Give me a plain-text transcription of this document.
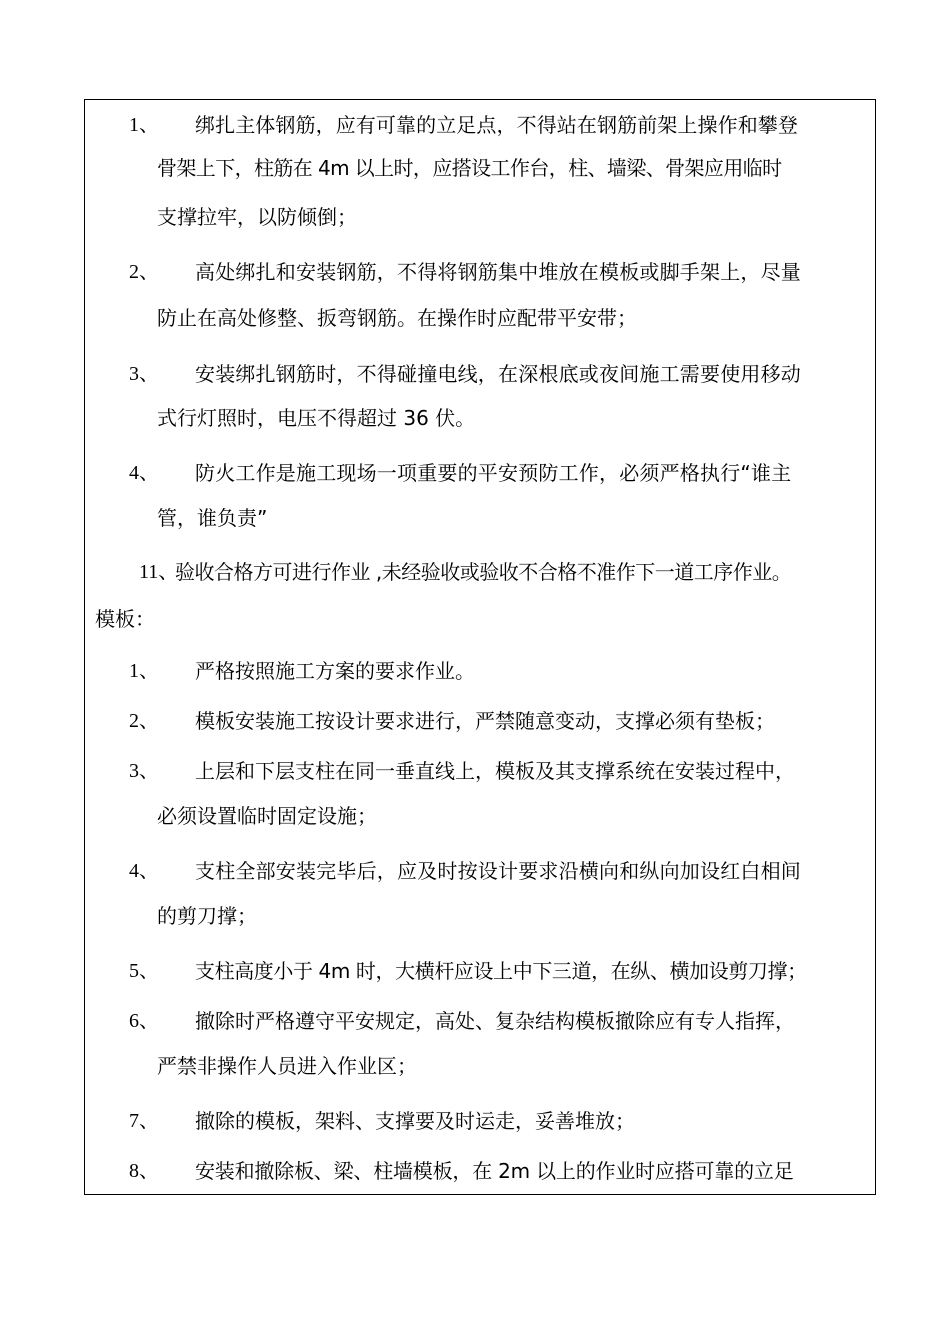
1、 绑扎主体钢筋，应有可靠的立足点，不得站在钢筋前架上操作和攀登
骨架上下，柱筋在 4m 以上时，应搭设工作台，柱、墙梁、骨架应用临时
支撑拉牢，以防倾倒；
2、 高处绑扎和安装钢筋，不得将钢筋集中堆放在模板或脚手架上，尽量
防止在高处修整、扳弯钢筋。在操作时应配带平安带；
3、 安装绑扎钢筋时，不得碰撞电线，在深根底或夜间施工需要使用移动
式行灯照时，电压不得超过 36 伏。
4、 防火工作是施工现场一项重要的平安预防工作，必须严格执行“谁主
管，谁负责”
11、
验收合格方可进行作业 ,未经验收或验收不合格不准作下一道工序作业。
模板：
1、 严格按照施工方案的要求作业。
2、 模板安装施工按设计要求进行，严禁随意变动，支撑必须有垫板；
3、 上层和下层支柱在同一垂直线上，模板及其支撑系统在安装过程中，
必须设置临时固定设施；
4、 支柱全部安装完毕后，应及时按设计要求沿横向和纵向加设红白相间
的剪刀撑；
5、 支柱高度小于 4m 时，大横杆应设上中下三道，在纵、横加设剪刀撑；
6、 撤除时严格遵守平安规定，高处、复杂结构模板撤除应有专人指挥，
严禁非操作人员进入作业区；
7、 撤除的模板，架料、支撑要及时运走，妥善堆放；
8、 安装和撤除板、梁、柱墙模板，在 2m 以上的作业时应搭可靠的立足
